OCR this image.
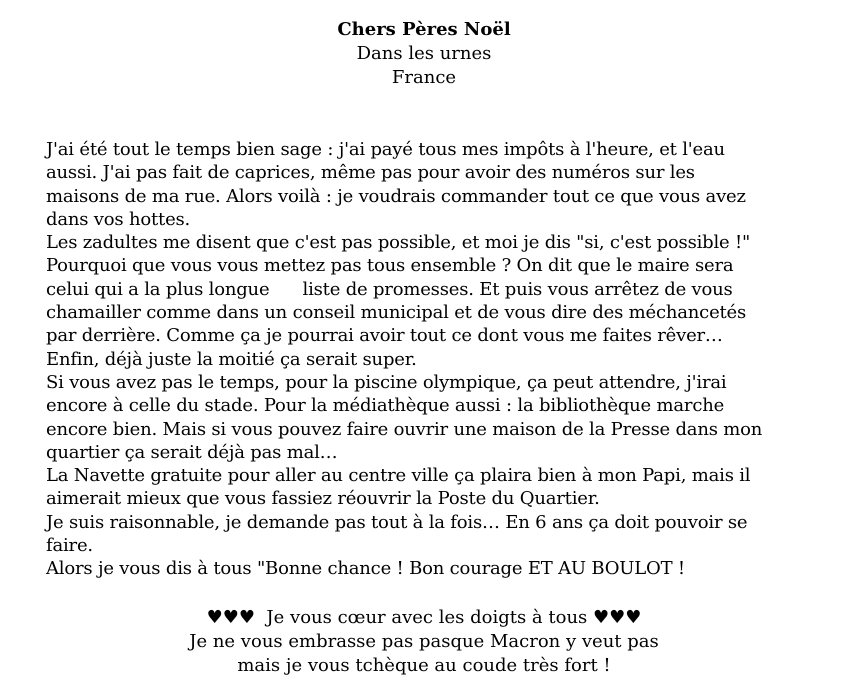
Chers Pères Noël
Dans les urnes
France
J'ai été tout le temps bien sage : j'ai payé tous mes impôts à l'heure, et l'eau
aussi. J'ai pas fait de caprices, même pas pour avoir des numéros sur les
maisons de ma rue. Alors voilà : je voudrais commander tout ce que vous avez
dans vos hottes.
Les zadultes me disent que c'est pas possible, et moi je dis "si, c'est possible !"
Pourquoi que vous vous mettez pas tous ensemble ? On dit que le maire sera
celui qui a la plus longue      liste de promesses. Et puis vous arrêtez de vous
chamailler comme dans un conseil municipal et de vous dire des méchancetés
par derrière. Comme ça je pourrai avoir tout ce dont vous me faites rêver…
Enfin, déjà juste la moitié ça serait super.
Si vous avez pas le temps, pour la piscine olympique, ça peut attendre, j'irai
encore à celle du stade. Pour la médiathèque aussi : la bibliothèque marche
encore bien. Mais si vous pouvez faire ouvrir une maison de la Presse dans mon
quartier ça serait déjà pas mal…
La Navette gratuite pour aller au centre ville ça plaira bien à mon Papi, mais il
aimerait mieux que vous fassiez réouvrir la Poste du Quartier.
Je suis raisonnable, je demande pas tout à la fois… En 6 ans ça doit pouvoir se
faire.
Alors je vous dis à tous "Bonne chance ! Bon courage ET AU BOULOT !
♥♥♥  Je vous cœur avec les doigts à tous ♥♥♥
Je ne vous embrasse pas pasque Macron y veut pas
mais je vous tchèque au coude très fort !
